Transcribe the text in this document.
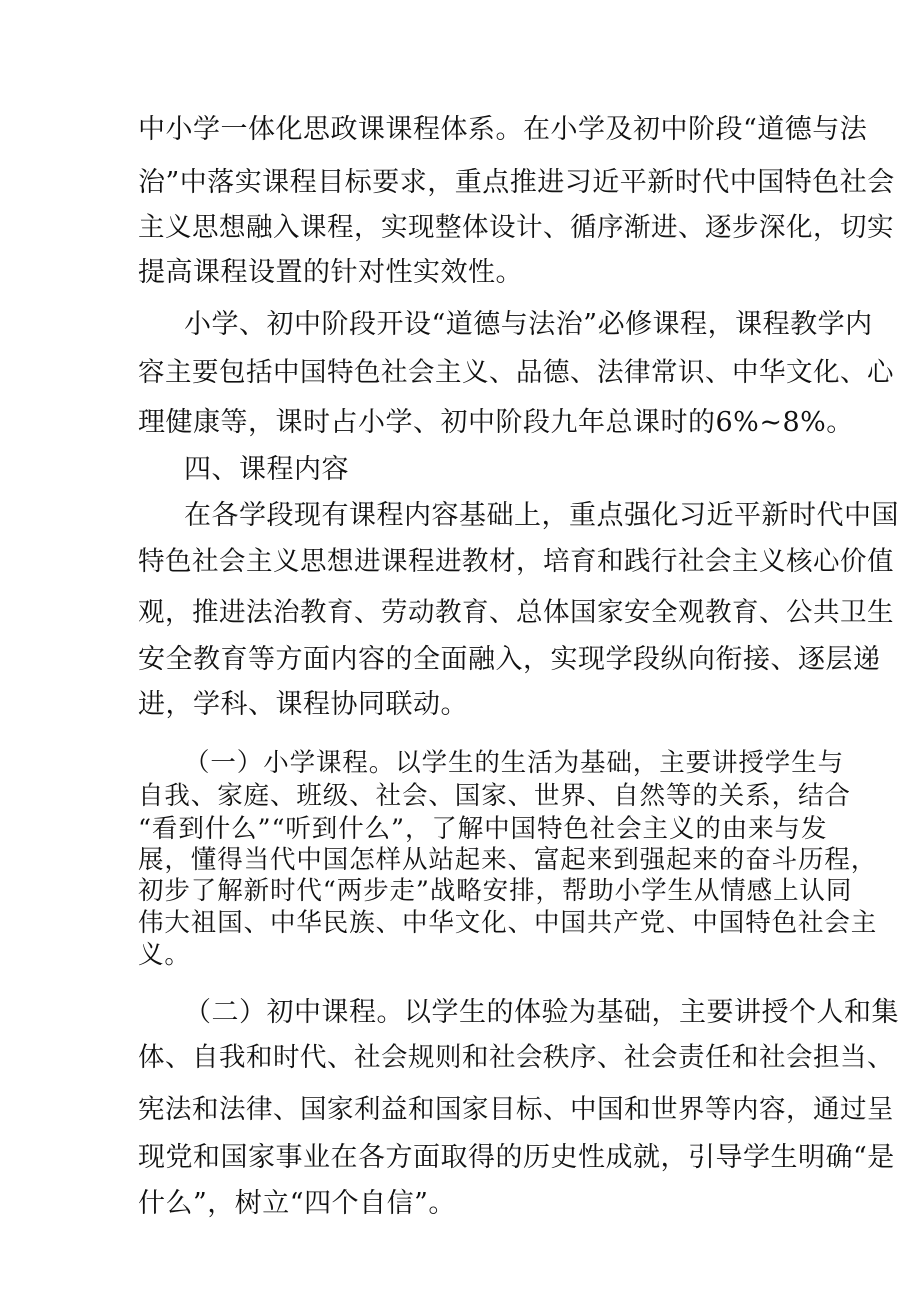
中小学一体化思政课课程体系。在小学及初中阶段“道德与法
治”中落实课程目标要求，重点推进习近平新时代中国特色社会
主义思想融入课程，实现整体设计、循序渐进、逐步深化，切实
提高课程设置的针对性实效性。
小学、初中阶段开设“道德与法治”必修课程，课程教学内
容主要包括中国特色社会主义、品德、法律常识、中华文化、心
理健康等，课时占小学、初中阶段九年总课时的6%~8%。
四、课程内容
在各学段现有课程内容基础上，重点强化习近平新时代中国
特色社会主义思想进课程进教材，培育和践行社会主义核心价值
观，推进法治教育、劳动教育、总体国家安全观教育、公共卫生
安全教育等方面内容的全面融入，实现学段纵向衔接、逐层递
进，学科、课程协同联动。
（一）小学课程。以学生的生活为基础，主要讲授学生与
自我、家庭、班级、社会、国家、世界、自然等的关系，结合
“看到什么”“听到什么”，了解中国特色社会主义的由来与发
展，懂得当代中国怎样从站起来、富起来到强起来的奋斗历程，
初步了解新时代“两步走”战略安排，帮助小学生从情感上认同
伟大祖国、中华民族、中华文化、中国共产党、中国特色社会主
义。
（二）初中课程。以学生的体验为基础，主要讲授个人和集
体、自我和时代、社会规则和社会秩序、社会责任和社会担当、
宪法和法律、国家利益和国家目标、中国和世界等内容，通过呈
现党和国家事业在各方面取得的历史性成就，引导学生明确“是
什么”，树立“四个自信”。
